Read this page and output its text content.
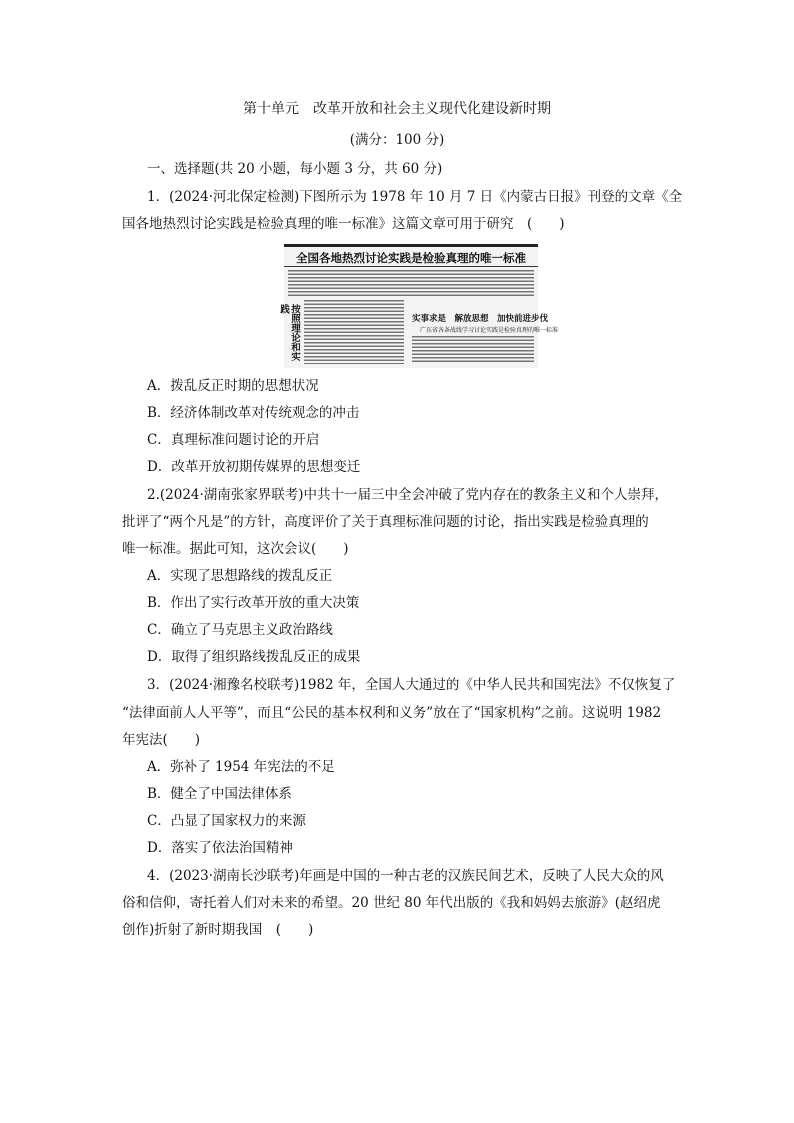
第十单元　改革开放和社会主义现代化建设新时期
(满分：100 分)
一、选择题(共 20 小题，每小题 3 分，共 60 分)
1．(2024·河北保定检测)下图所示为 1978 年 10 月 7 日《内蒙古日报》刊登的文章《全
国各地热烈讨论实践是检验真理的唯一标准》这篇文章可用于研究　(　　)
全国各地热烈讨论实践是检验真理的唯一标准
按照理论和实践
实事求是　解放思想　加快前进步伐
广东省各条战线学习讨论实践是检验真理的唯一标准
A．拨乱反正时期的思想状况
B．经济体制改革对传统观念的冲击
C．真理标准问题讨论的开启
D．改革开放初期传媒界的思想变迁
2.(2024·湖南张家界联考)中共十一届三中全会冲破了党内存在的教条主义和个人崇拜，
批评了“两个凡是”的方针，高度评价了关于真理标准问题的讨论，指出实践是检验真理的
唯一标准。据此可知，这次会议(　　)
A．实现了思想路线的拨乱反正
B．作出了实行改革开放的重大决策
C．确立了马克思主义政治路线
D．取得了组织路线拨乱反正的成果
3．(2024·湘豫名校联考)1982 年，全国人大通过的《中华人民共和国宪法》不仅恢复了
“法律面前人人平等”，而且“公民的基本权利和义务”放在了“国家机构”之前。这说明 1982
年宪法(　　)
A．弥补了 1954 年宪法的不足
B．健全了中国法律体系
C．凸显了国家权力的来源
D．落实了依法治国精神
4．(2023·湖南长沙联考)年画是中国的一种古老的汉族民间艺术，反映了人民大众的风
俗和信仰，寄托着人们对未来的希望。20 世纪 80 年代出版的《我和妈妈去旅游》(赵绍虎
创作)折射了新时期我国　(　　)
